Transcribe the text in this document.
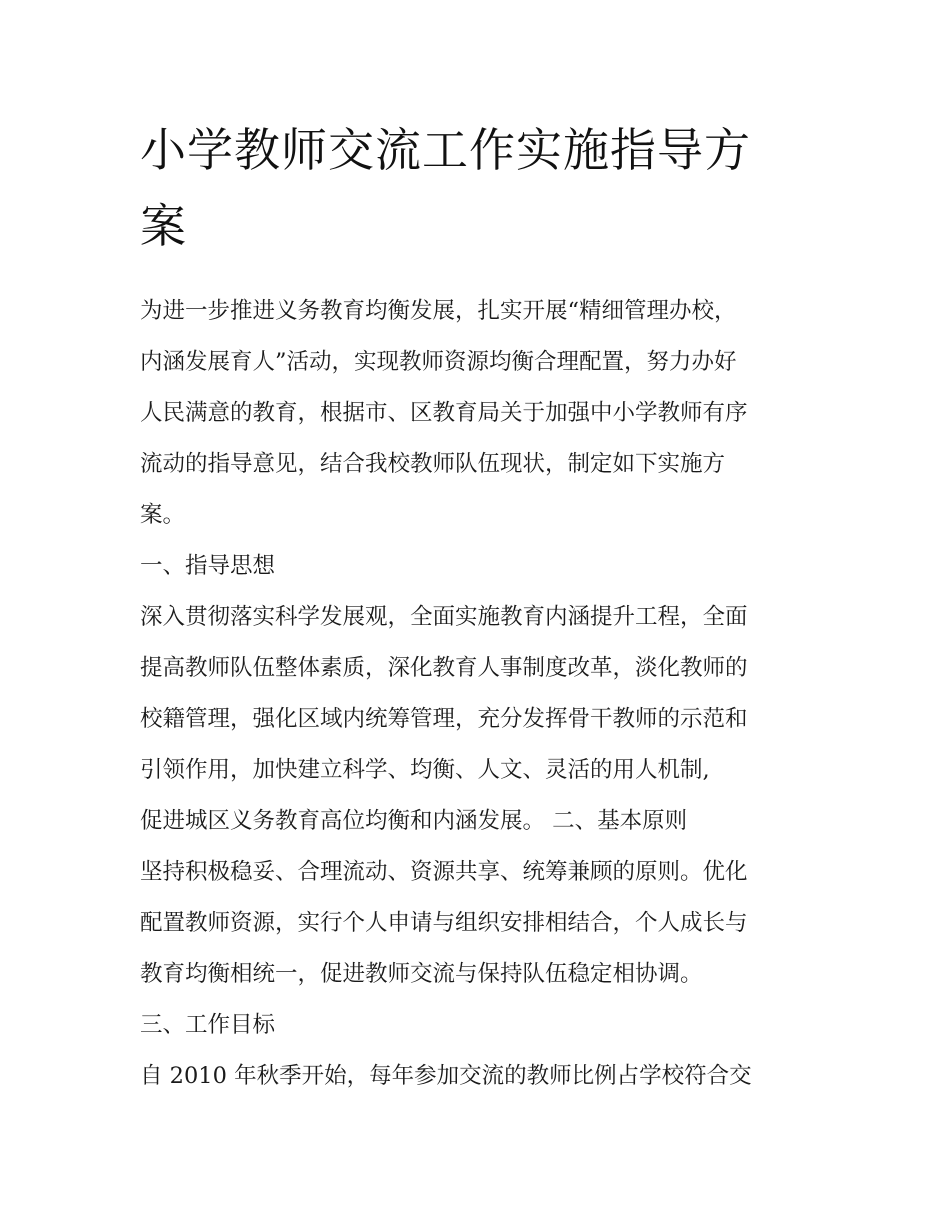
小学教师交流工作实施指导方
案
为进一步推进义务教育均衡发展，扎实开展“精细管理办校，
内涵发展育人”活动，实现教师资源均衡合理配置，努力办好
人民满意的教育，根据市、区教育局关于加强中小学教师有序
流动的指导意见，结合我校教师队伍现状，制定如下实施方
案。
一、指导思想
深入贯彻落实科学发展观，全面实施教育内涵提升工程，全面
提高教师队伍整体素质，深化教育人事制度改革，淡化教师的
校籍管理，强化区域内统筹管理，充分发挥骨干教师的示范和
引领作用，加快建立科学、均衡、人文、灵活的用人机制,
促进城区义务教育高位均衡和内涵发展。 二、基本原则
坚持积极稳妥、合理流动、资源共享、统筹兼顾的原则。优化
配置教师资源，实行个人申请与组织安排相结合，个人成长与
教育均衡相统一，促进教师交流与保持队伍稳定相协调。
三、工作目标
自 2010 年秋季开始，每年参加交流的教师比例占学校符合交
